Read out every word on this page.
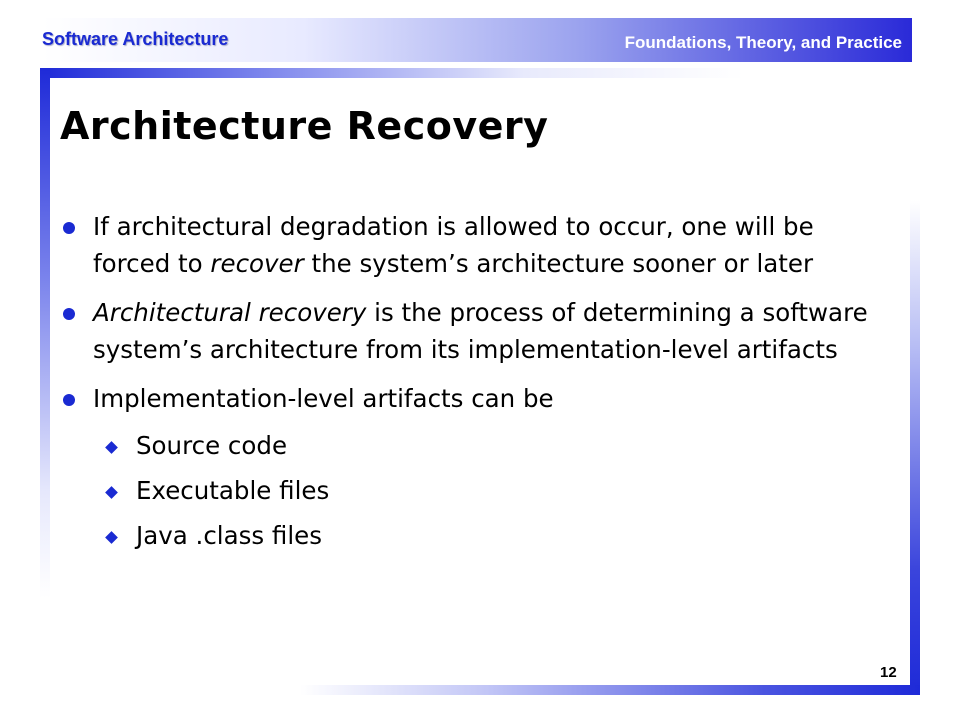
Software Architecture	Foundations, Theory, and Practice
Architecture Recovery
If architectural degradation is allowed to occur, one will be forced to recover the system’s architecture sooner or later
Architectural recovery is the process of determining a software system’s architecture from its implementation-level artifacts
Implementation-level artifacts can be
Source code
Executable files
Java .class files
12
